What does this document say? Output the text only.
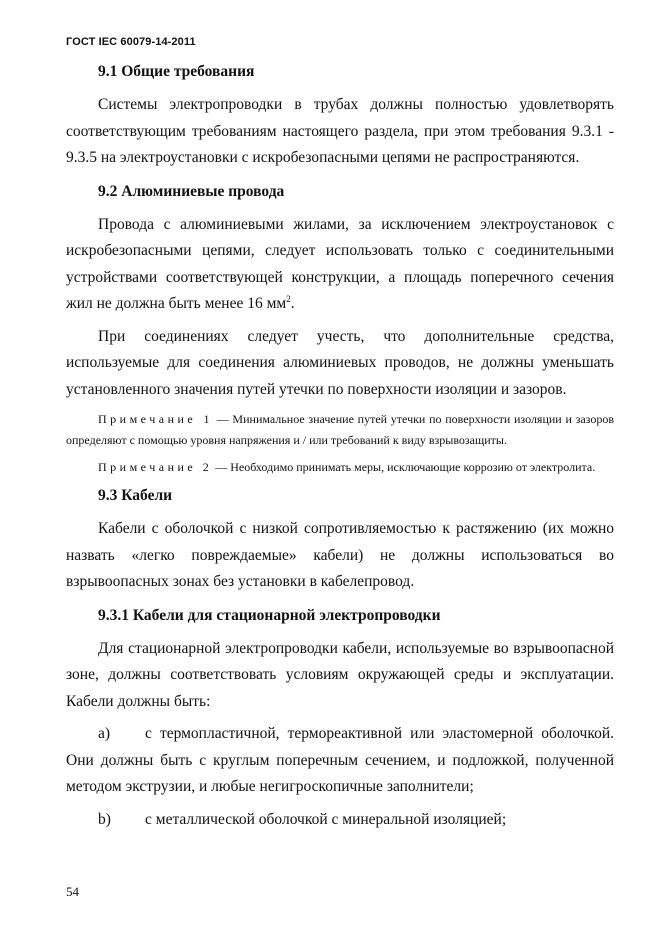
ГОСТ IEC 60079-14-2011
9.1 Общие требования

Системы электропроводки в трубах должны полностью удовлетворять соответствующим требованиям настоящего раздела, при этом требования 9.3.1 - 9.3.5 на электроустановки с искробезопасными цепями не распространяются.

9.2 Алюминиевые провода

Провода с алюминиевыми жилами, за исключением электроустановок с искробезопасными цепями, следует использовать только с соединительными устройствами соответствующей конструкции, а площадь поперечного сечения жил не должна быть менее 16 $мм^2$.

При соединениях следует учесть, что дополнительные средства, используемые для соединения алюминиевых проводов, не должны уменьшать установленного значения путей утечки по поверхности изоляции и зазоров.

Примечание 1 — Минимальное значение путей утечки по поверхности изоляции и зазоров определяют с помощью уровня напряжения и / или требований к виду взрывозащиты.

Примечание 2 — Необходимо принимать меры, исключающие коррозию от электролита.

9.3 Кабели

Кабели с оболочкой с низкой сопротивляемостью к растяжению (их можно назвать «легко повреждаемые» кабели) не должны использоваться во взрывоопасных зонах без установки в кабелепровод.

9.3.1 Кабели для стационарной электропроводки

Для стационарной электропроводки кабели, используемые во взрывоопасной зоне, должны соответствовать условиям окружающей среды и эксплуатации. Кабели должны быть:

a) с термопластичной, термореактивной или эластомерной оболочкой. Они должны быть с круглым поперечным сечением, и подложкой, полученной методом экструзии, и любые негигроскопичные заполнители;

b) с металлической оболочкой с минеральной изоляцией;

54
